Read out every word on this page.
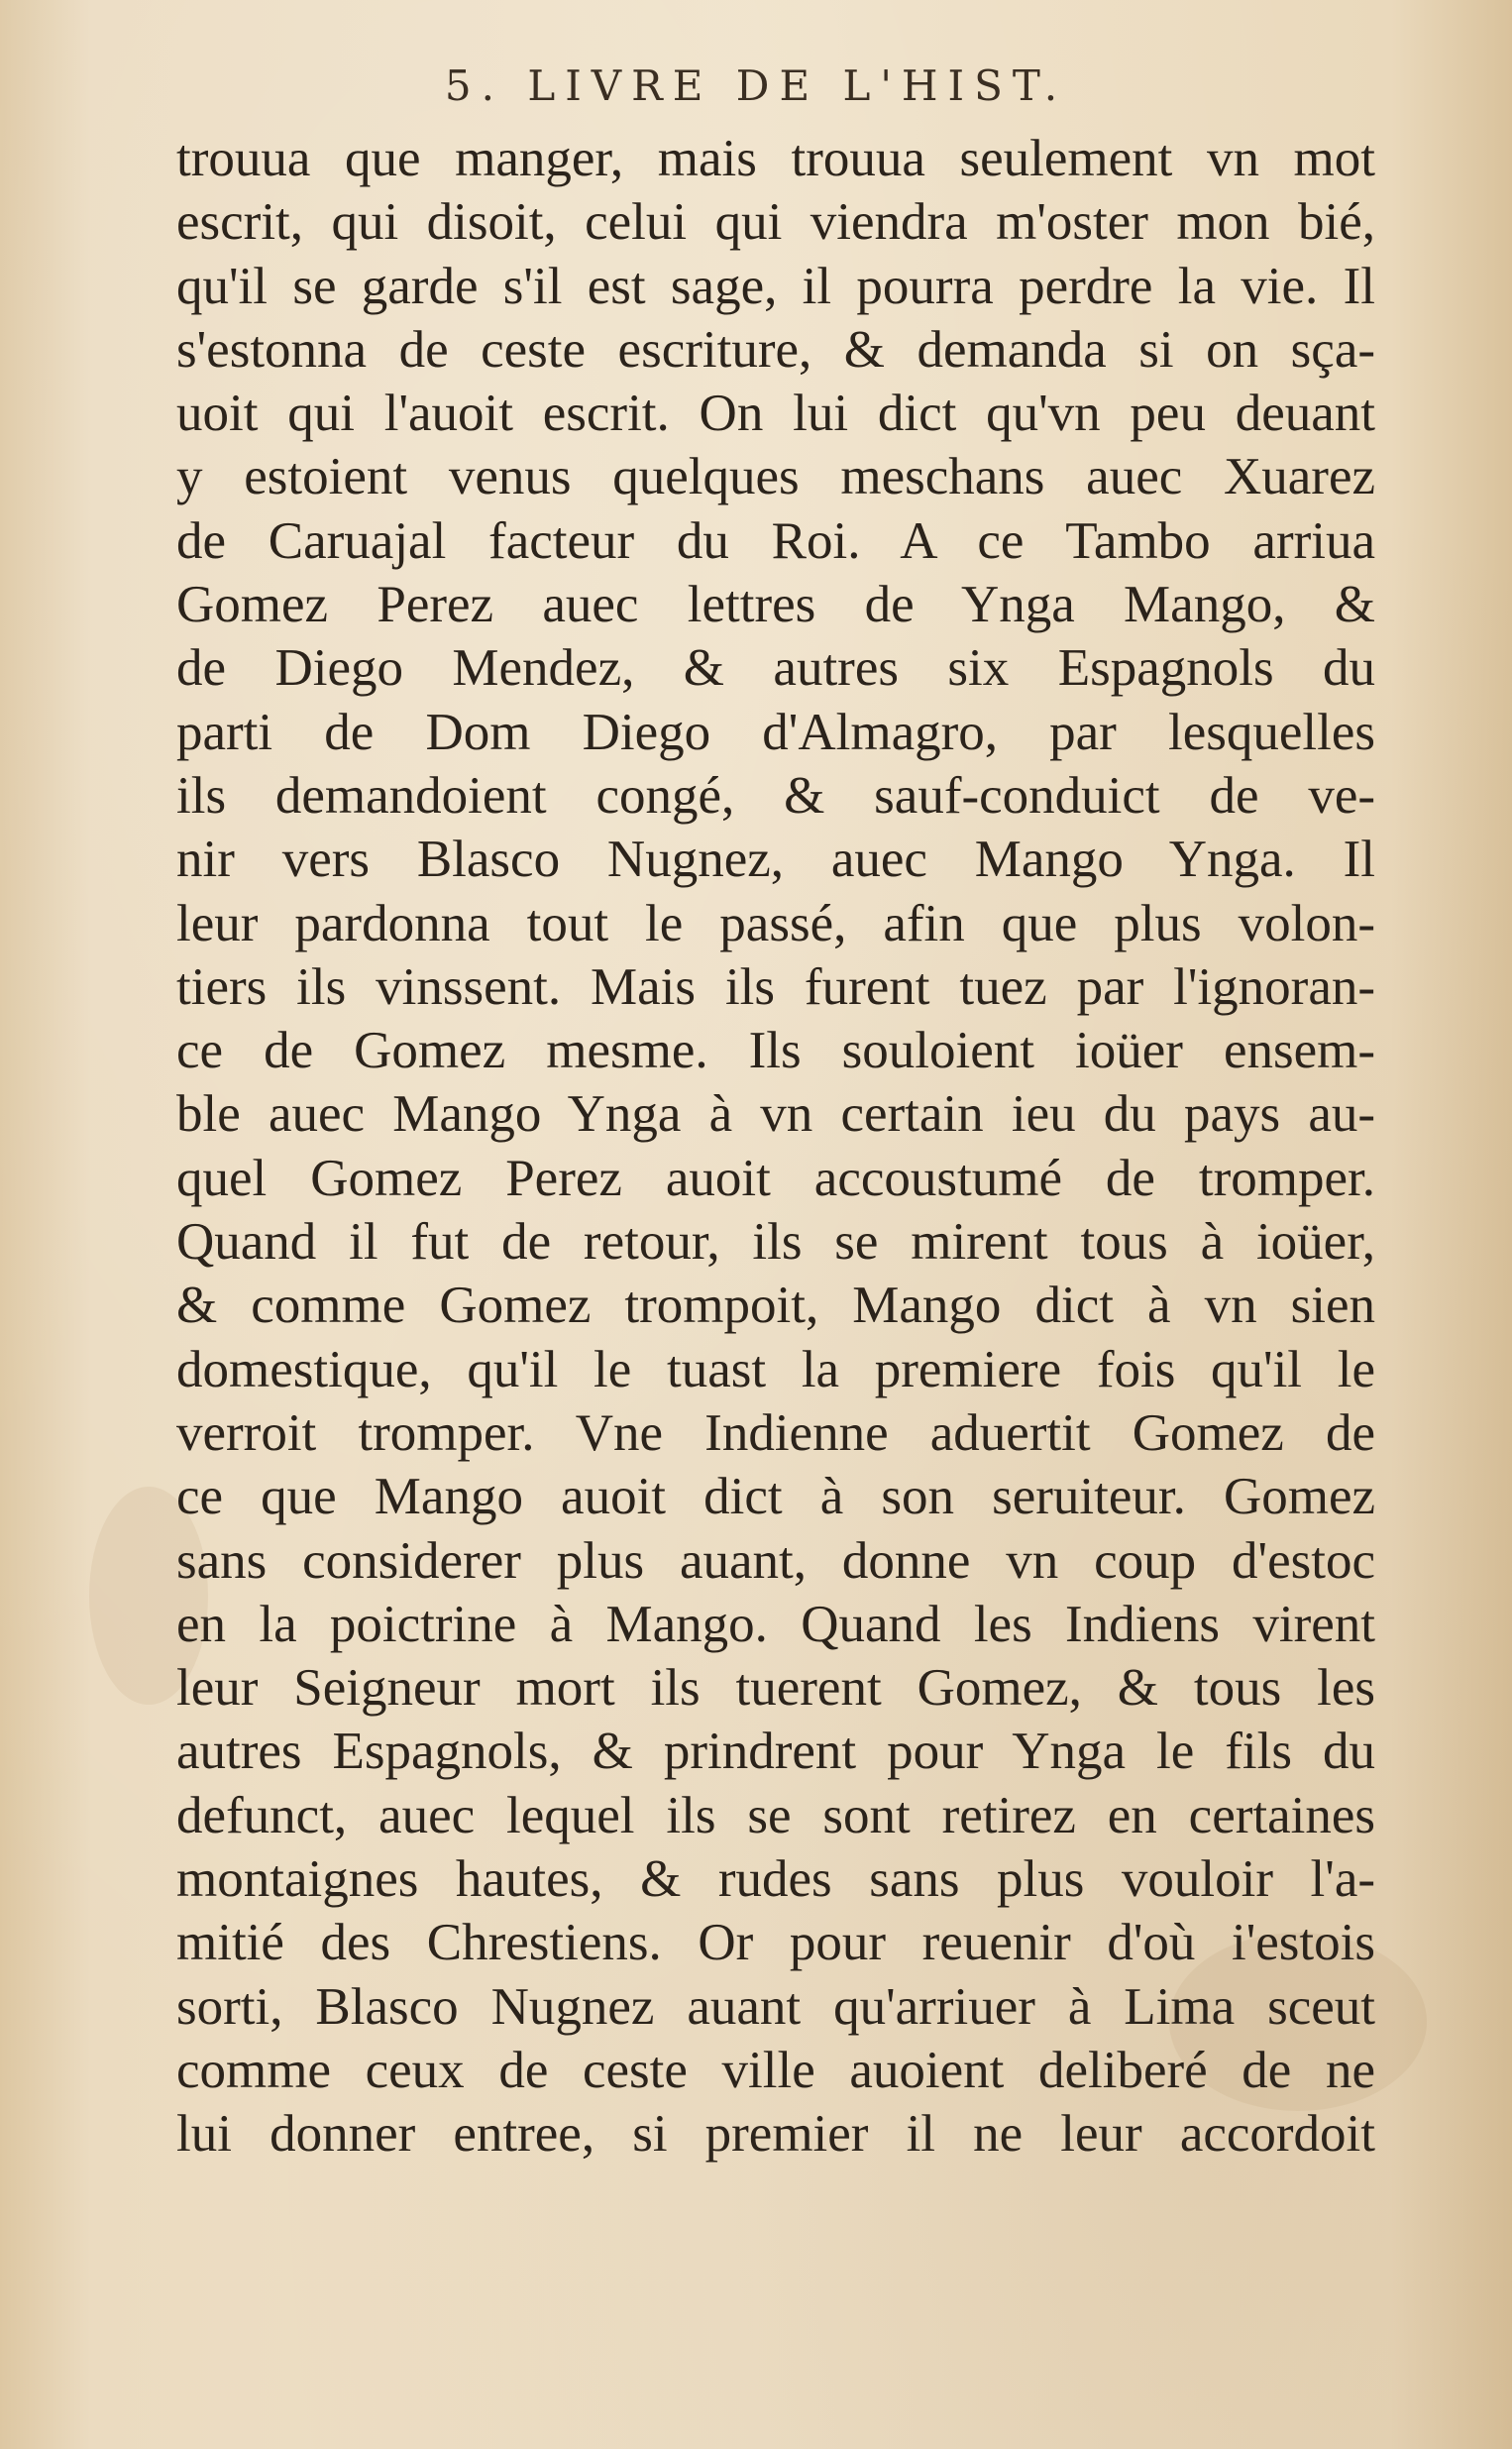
5. LIVRE DE L'HIST.
trouua que manger, mais trouua seulement vn mot
escrit, qui disoit, celui qui viendra m'oster mon bié,
qu'il se garde s'il est sage, il pourra perdre la vie. Il
s'estonna de ceste escriture, & demanda si on sça-
uoit qui l'auoit escrit. On lui dict qu'vn peu deuant
y estoient venus quelques meschans auec Xuarez
de Caruajal facteur du Roi. A ce Tambo arriua
Gomez Perez auec lettres de Ynga Mango, &
de Diego Mendez, & autres six Espagnols du
parti de Dom Diego d'Almagro, par lesquelles
ils demandoient congé, & sauf-conduict de ve-
nir vers Blasco Nugnez, auec Mango Ynga. Il
leur pardonna tout le passé, afin que plus volon-
tiers ils vinssent. Mais ils furent tuez par l'ignoran-
ce de Gomez mesme. Ils souloient ioüer ensem-
ble auec Mango Ynga à vn certain ieu du pays au-
quel Gomez Perez auoit accoustumé de tromper.
Quand il fut de retour, ils se mirent tous à ioüer,
& comme Gomez trompoit, Mango dict à vn sien
domestique, qu'il le tuast la premiere fois qu'il le
verroit tromper. Vne Indienne aduertit Gomez de
ce que Mango auoit dict à son seruiteur. Gomez
sans considerer plus auant, donne vn coup d'estoc
en la poictrine à Mango. Quand les Indiens virent
leur Seigneur mort ils tuerent Gomez, & tous les
autres Espagnols, & prindrent pour Ynga le fils du
defunct, auec lequel ils se sont retirez en certaines
montaignes hautes, & rudes sans plus vouloir l'a-
mitié des Chrestiens. Or pour reuenir d'où i'estois
sorti, Blasco Nugnez auant qu'arriuer à Lima sceut
comme ceux de ceste ville auoient deliberé de ne
lui donner entree, si premier il ne leur accordoit
